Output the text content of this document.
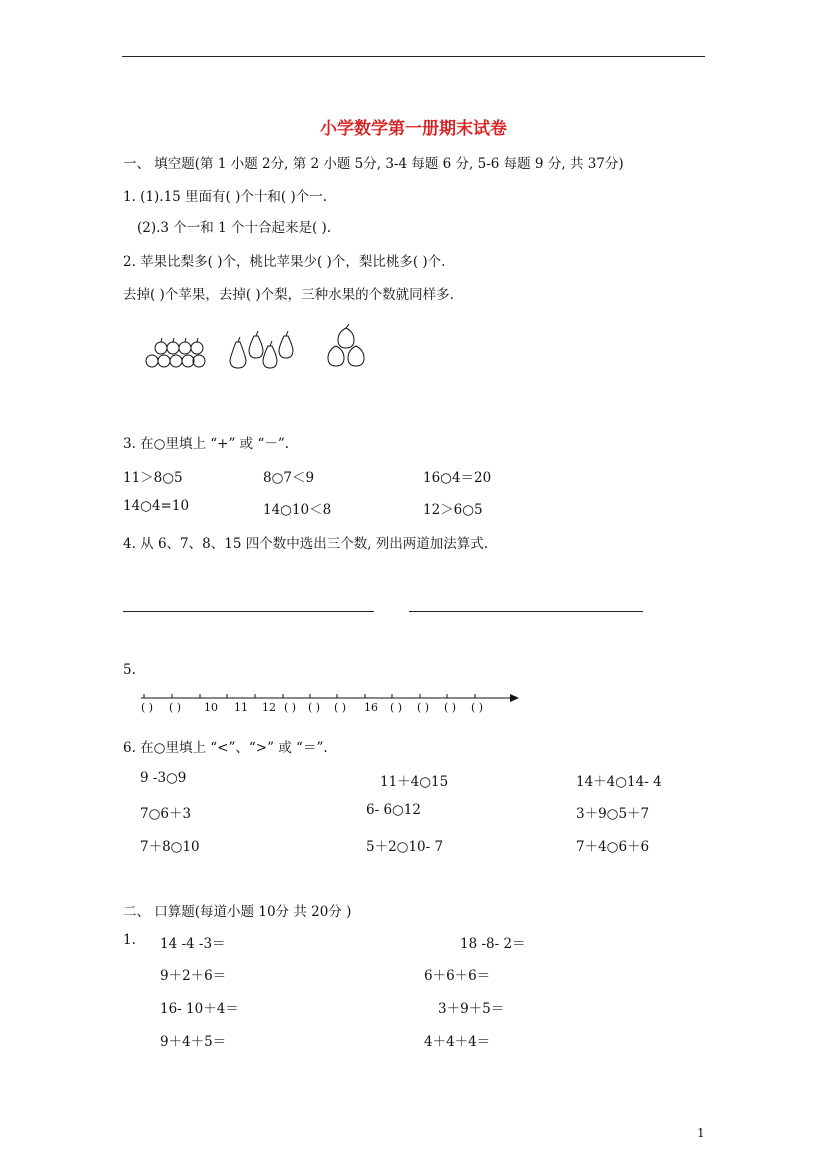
小学数学第一册期末试卷
一、 填空题(第 1 小题 2分, 第 2 小题 5分, 3-4 每题 6 分, 5-6 每题 9 分, 共 37分)
1. (1).15 里面有( )个十和( )个一.
(2).3 个一和 1 个十合起来是( ).
2. 苹果比梨多( )个，桃比苹果少( )个，梨比桃多( )个.
去掉( )个苹果，去掉( )个梨，三种水果的个数就同样多.
3. 在○里填上 “+” 或 “－”.
11＞8○5	8○7＜9	16○4＝20
14○4=10	14○10＜8	12＞6○5
4. 从 6、7、8、15 四个数中选出三个数, 列出两道加法算式.
5.
( ) ( ) 10 11 12 ( ) ( ) ( ) 16 ( ) ( ) ( ) ( )
6. 在○里填上 “<”、“>” 或 “＝”.
9 -3○9	11＋4○15	14＋4○14- 4
7○6＋3	6- 6○12	3＋9○5＋7
7＋8○10	5＋2○10- 7	7＋4○6＋6
二、 口算题(每道小题 10分 共 20分 )
1. 14 -4 -3＝	18 -8- 2＝
9＋2＋6＝	6＋6＋6＝
16- 10＋4＝	3＋9＋5＝
9＋4＋5＝	4＋4＋4＝
1
